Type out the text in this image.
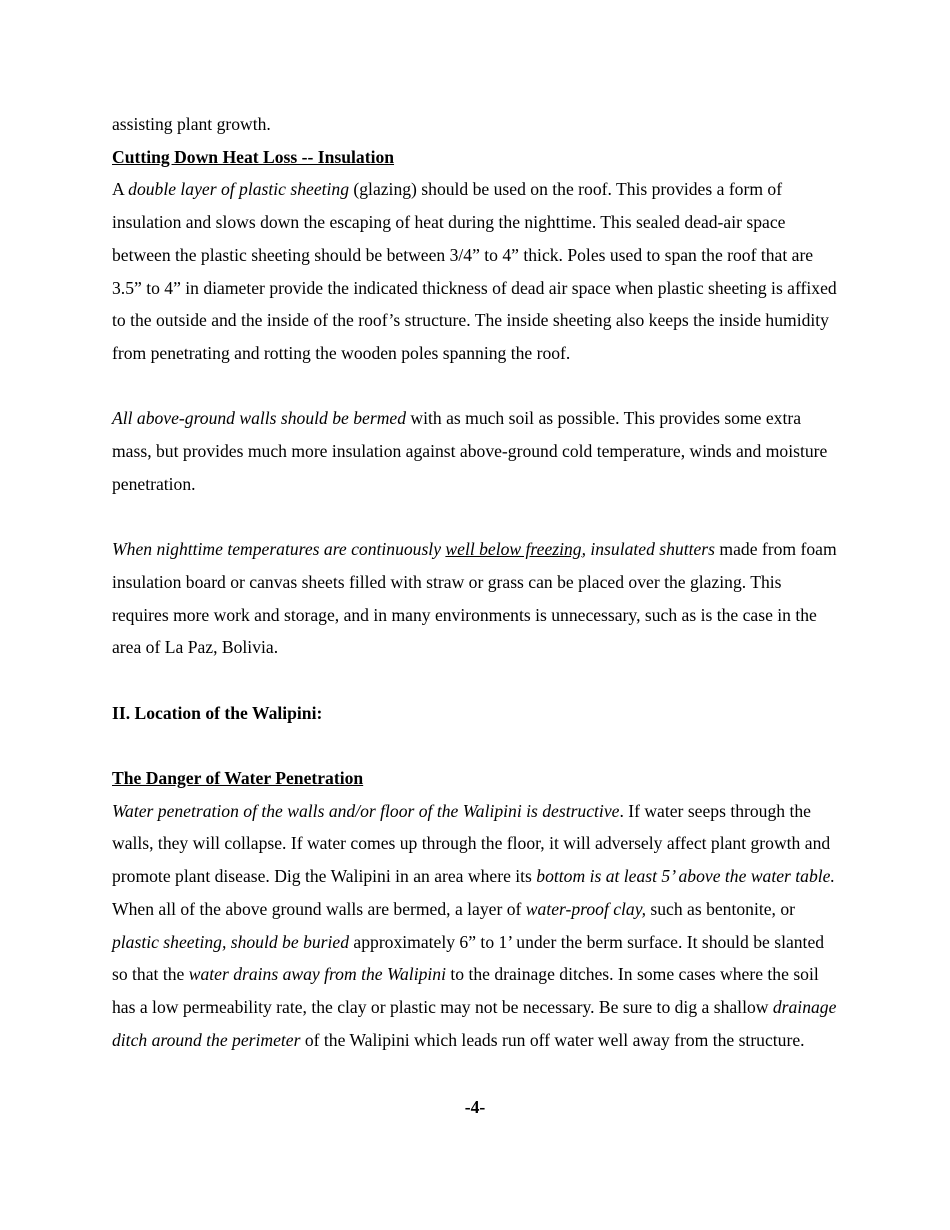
assisting plant growth.

Cutting Down Heat Loss -- Insulation

A double layer of plastic sheeting (glazing) should be used on the roof. This provides a form of insulation and slows down the escaping of heat during the nighttime. This sealed dead-air space between the plastic sheeting should be between 3/4” to 4” thick. Poles used to span the roof that are 3.5” to 4” in diameter provide the indicated thickness of dead air space when plastic sheeting is affixed to the outside and the inside of the roof’s structure. The inside sheeting also keeps the inside humidity from penetrating and rotting the wooden poles spanning the roof.

All above-ground walls should be bermed with as much soil as possible. This provides some extra mass, but provides much more insulation against above-ground cold temperature, winds and moisture penetration.

When nighttime temperatures are continuously well below freezing, insulated shutters made from foam insulation board or canvas sheets filled with straw or grass can be placed over the glazing. This requires more work and storage, and in many environments is unnecessary, such as is the case in the area of La Paz, Bolivia.

II. Location of the Walipini:

The Danger of Water Penetration

Water penetration of the walls and/or floor of the Walipini is destructive. If water seeps through the walls, they will collapse. If water comes up through the floor, it will adversely affect plant growth and promote plant disease. Dig the Walipini in an area where its bottom is at least 5’ above the water table. When all of the above ground walls are bermed, a layer of water-proof clay, such as bentonite, or plastic sheeting, should be buried approximately 6” to 1’ under the berm surface. It should be slanted so that the water drains away from the Walipini to the drainage ditches. In some cases where the soil has a low permeability rate, the clay or plastic may not be necessary. Be sure to dig a shallow drainage ditch around the perimeter of the Walipini which leads run off water well away from the structure.

-4-
